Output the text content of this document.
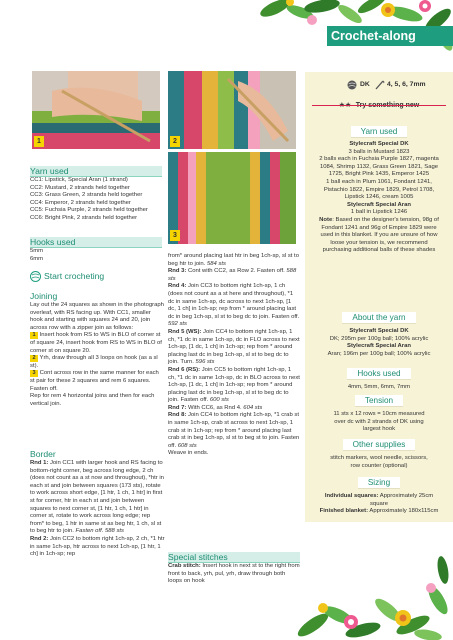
Crochet-along
1	2
3
Yarn used

CC1: Lipstick, Special Aran (1 strand)

CC2: Mustard, 2 strands held together

CC3: Grass Green, 2 strands held together

CC4: Emperor, 2 strands held together

CC5: Fuchsia Purple, 2 strands held together

CC6: Bright Pink, 2 strands held together

Hooks used

5mm

6mm

Start crocheting
Joining

Lay out the 24 squares as shown in the photograph overleaf, with RS facing up. With CC1, smaller hook and starting with squares 24 and 20, join across row with a zipper join as follows:

1 Insert hook from RS to WS in BLO of corner st of square 24, insert hook from RS to WS in BLO of corner st on square 20.

2 Yrh, draw through all 3 loops on hook (as a sl st).

3 Cont across row in the same manner for each st pair for these 2 squares and rem 6 squares. Fasten off.

Rep for rem 4 horizontal joins and then for each vertical join.

Border

Rnd 1: Join CC1 with larger hook and RS facing to bottom-right corner, beg across long edge, 2 ch (does not count as a st now and throughout), *htr in each st and join between squares (173 sts), rotate to work across short edge, [1 htr, 1 ch, 1 htr] in first st for corner, htr in each st and join between squares to next corner st, [1 htr, 1 ch, 1 htr] in corner st, rotate to work across long edge; rep from* to beg, 1 htr in same st as beg htr, 1 ch, sl st to beg htr to join. Fasten off. 588 sts

Rnd 2: Join CC2 to bottom right 1ch-sp, 2 ch, *1 htr in same 1ch-sp, htr across to next 1ch-sp, [1 htr, 1 ch] in 1ch-sp; rep

from* around placing last htr in beg 1ch-sp, sl st to beg htr to join. 584 sts

Rnd 3: Cont with CC2, as Row 2. Fasten off. 588 sts

Rnd 4: Join CC3 to bottom right 1ch-sp, 1 ch (does not count as a st here and throughout), *1 dc in same 1ch-sp, dc across to next 1ch-sp, [1 dc, 1 ch] in 1ch-sp; rep from * around placing last dc in beg 1ch-sp, sl st to beg dc to join. Fasten off. 592 sts

Rnd 5 (WS): Join CC4 to bottom right 1ch-sp, 1 ch, *1 dc in same 1ch-sp, dc in FLO across to next 1ch-sp, [1 dc, 1 ch] in 1ch-sp; rep from * around placing last dc in beg 1ch-sp, sl st to beg dc to join. Turn. 596 sts

Rnd 6 (RS): Join CC5 to bottom right 1ch-sp, 1 ch, *1 dc in same 1ch-sp, dc in BLO across to next 1ch-sp, [1 dc, 1 ch] in 1ch-sp; rep from * around placing last dc in beg 1ch-sp, sl st to beg dc to join. Fasten off. 600 sts

Rnd 7: With CC6, as Rnd 4. 604 sts

Rnd 8: Join CC4 to bottom right 1ch-sp, *1 crab st in same 1ch-sp, crab st across to next 1ch-sp, 1 crab st in 1ch-sp; rep from * around placing last crab st in beg 1ch-sp, sl st to beg st to join. Fasten off. 608 sts

Weave in ends.

Special stitches

Crab stitch: Insert hook in next st to the right from front to back, yrh, pul, yrh, draw through both loops on hook

DK	4, 5, 6, 7mm
Yarn used

Stylecraft Special DK

3 balls in Mustard 1823
2 balls each in Fuchsia Purple 1827, magenta 1084, Shrimp 1132, Grass Green 1821, Sage 1725, Bright Pink 1435, Emperor 1425
1 ball each in Plum 1061, Fondant 1241, Pistachio 1822, Empire 1829, Petrol 1708, Lipstick 1246, cream 1005

Stylecraft Special Aran

1 ball in Lipstick 1246

Note: Based on the designer's tension, 98g of Fondant 1241 and 96g of Empire 1829 were used in this blanket. If you are unsure of how loose your tension is, we recommend purchasing additional balls of these shades

About the yarn

Stylecraft Special DK

DK; 295m per 100g ball; 100% acrylic

Stylecraft Special Aran

Aran; 196m per 100g ball; 100% acrylic

Hooks used

4mm, 5mm, 6mm, 7mm

Tension

11 sts x 12 rows = 10cm measured over dc with 2 strands of DK using largest hook

Other supplies

stitch markers, wool needle, scissors, row counter (optional)

Sizing

Individual squares: Approximately 25cm square

Finished blanket: Approximately 180x115cm
